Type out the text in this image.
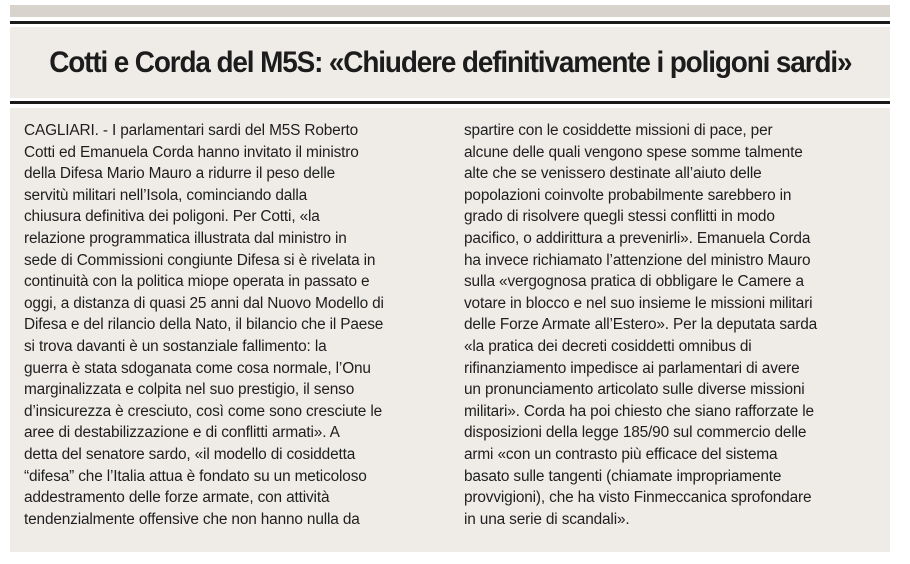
Cotti e Corda del M5S: «Chiudere definitivamente i poligoni sardi»
CAGLIARI. - I parlamentari sardi del M5S Roberto
Cotti ed Emanuela Corda hanno invitato il ministro
della Difesa Mario Mauro a ridurre il peso delle
servitù militari nell’Isola, cominciando dalla
chiusura definitiva dei poligoni. Per Cotti, «la
relazione programmatica illustrata dal ministro in
sede di Commissioni congiunte Difesa si è rivelata in
continuità con la politica miope operata in passato e
oggi, a distanza di quasi 25 anni dal Nuovo Modello di
Difesa e del rilancio della Nato, il bilancio che il Paese
si trova davanti è un sostanziale fallimento: la
guerra è stata sdoganata come cosa normale, l’Onu
marginalizzata e colpita nel suo prestigio, il senso
d’insicurezza è cresciuto, così come sono cresciute le
aree di destabilizzazione e di conflitti armati». A
detta del senatore sardo, «il modello di cosiddetta
“difesa” che l’Italia attua è fondato su un meticoloso
addestramento delle forze armate, con attività
tendenzialmente offensive che non hanno nulla da
spartire con le cosiddette missioni di pace, per
alcune delle quali vengono spese somme talmente
alte che se venissero destinate all’aiuto delle
popolazioni coinvolte probabilmente sarebbero in
grado di risolvere quegli stessi conflitti in modo
pacifico, o addirittura a prevenirli». Emanuela Corda
ha invece richiamato l’attenzione del ministro Mauro
sulla «vergognosa pratica di obbligare le Camere a
votare in blocco e nel suo insieme le missioni militari
delle Forze Armate all’Estero». Per la deputata sarda
«la pratica dei decreti cosiddetti omnibus di
rifinanziamento impedisce ai parlamentari di avere
un pronunciamento articolato sulle diverse missioni
militari». Corda ha poi chiesto che siano rafforzate le
disposizioni della legge 185/90 sul commercio delle
armi «con un contrasto più efficace del sistema
basato sulle tangenti (chiamate impropriamente
provvigioni), che ha visto Finmeccanica sprofondare
in una serie di scandali».
